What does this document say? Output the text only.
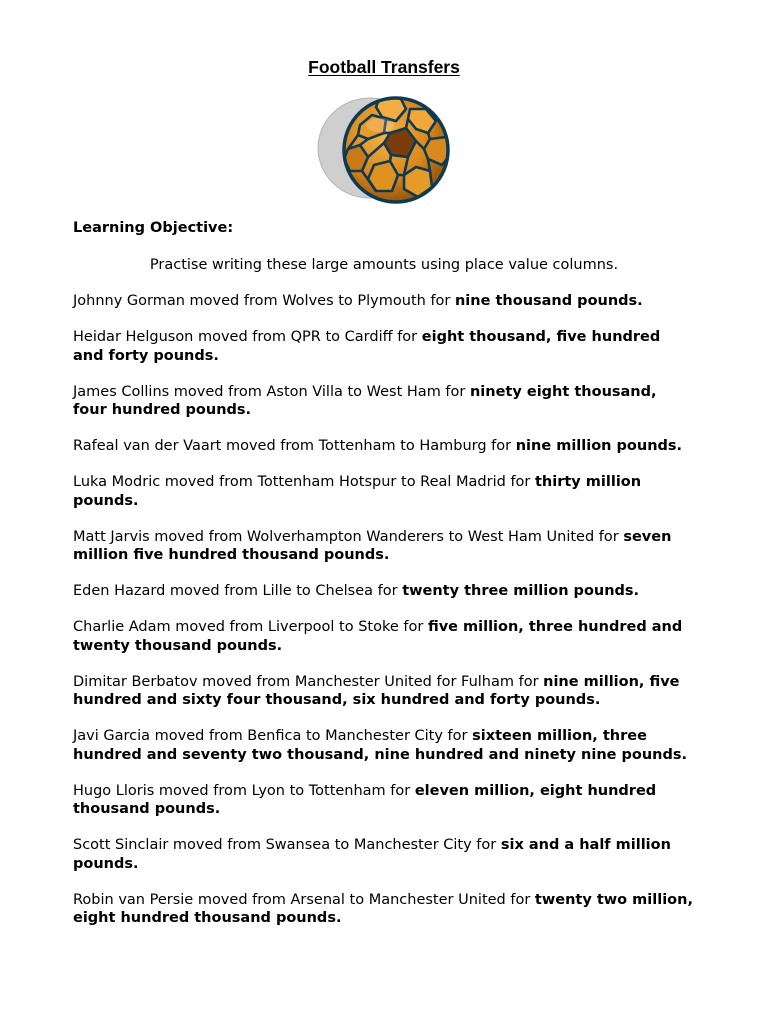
Football Transfers
Learning Objective:
Practise writing these large amounts using place value columns.
Johnny Gorman moved from Wolves to Plymouth for nine thousand pounds.
Heidar Helguson moved from QPR to Cardiff for eight thousand, five hundred and forty pounds.
James Collins moved from Aston Villa to West Ham for ninety eight thousand, four hundred pounds.
Rafeal van der Vaart moved from Tottenham to Hamburg for nine million pounds.
Luka Modric moved from Tottenham Hotspur to Real Madrid for thirty million pounds.
Matt Jarvis moved from Wolverhampton Wanderers to West Ham United for seven million five hundred thousand pounds.
Eden Hazard moved from Lille to Chelsea for twenty three million pounds.
Charlie Adam moved from Liverpool to Stoke for five million, three hundred and twenty thousand pounds.
Dimitar Berbatov moved from Manchester United for Fulham for nine million, five hundred and sixty four thousand, six hundred and forty pounds.
Javi Garcia moved from Benfica to Manchester City for sixteen million, three hundred and seventy two thousand, nine hundred and ninety nine pounds.
Hugo Lloris moved from Lyon to Tottenham for eleven million, eight hundred thousand pounds.
Scott Sinclair moved from Swansea to Manchester City for six and a half million pounds.
Robin van Persie moved from Arsenal to Manchester United for twenty two million, eight hundred thousand pounds.
